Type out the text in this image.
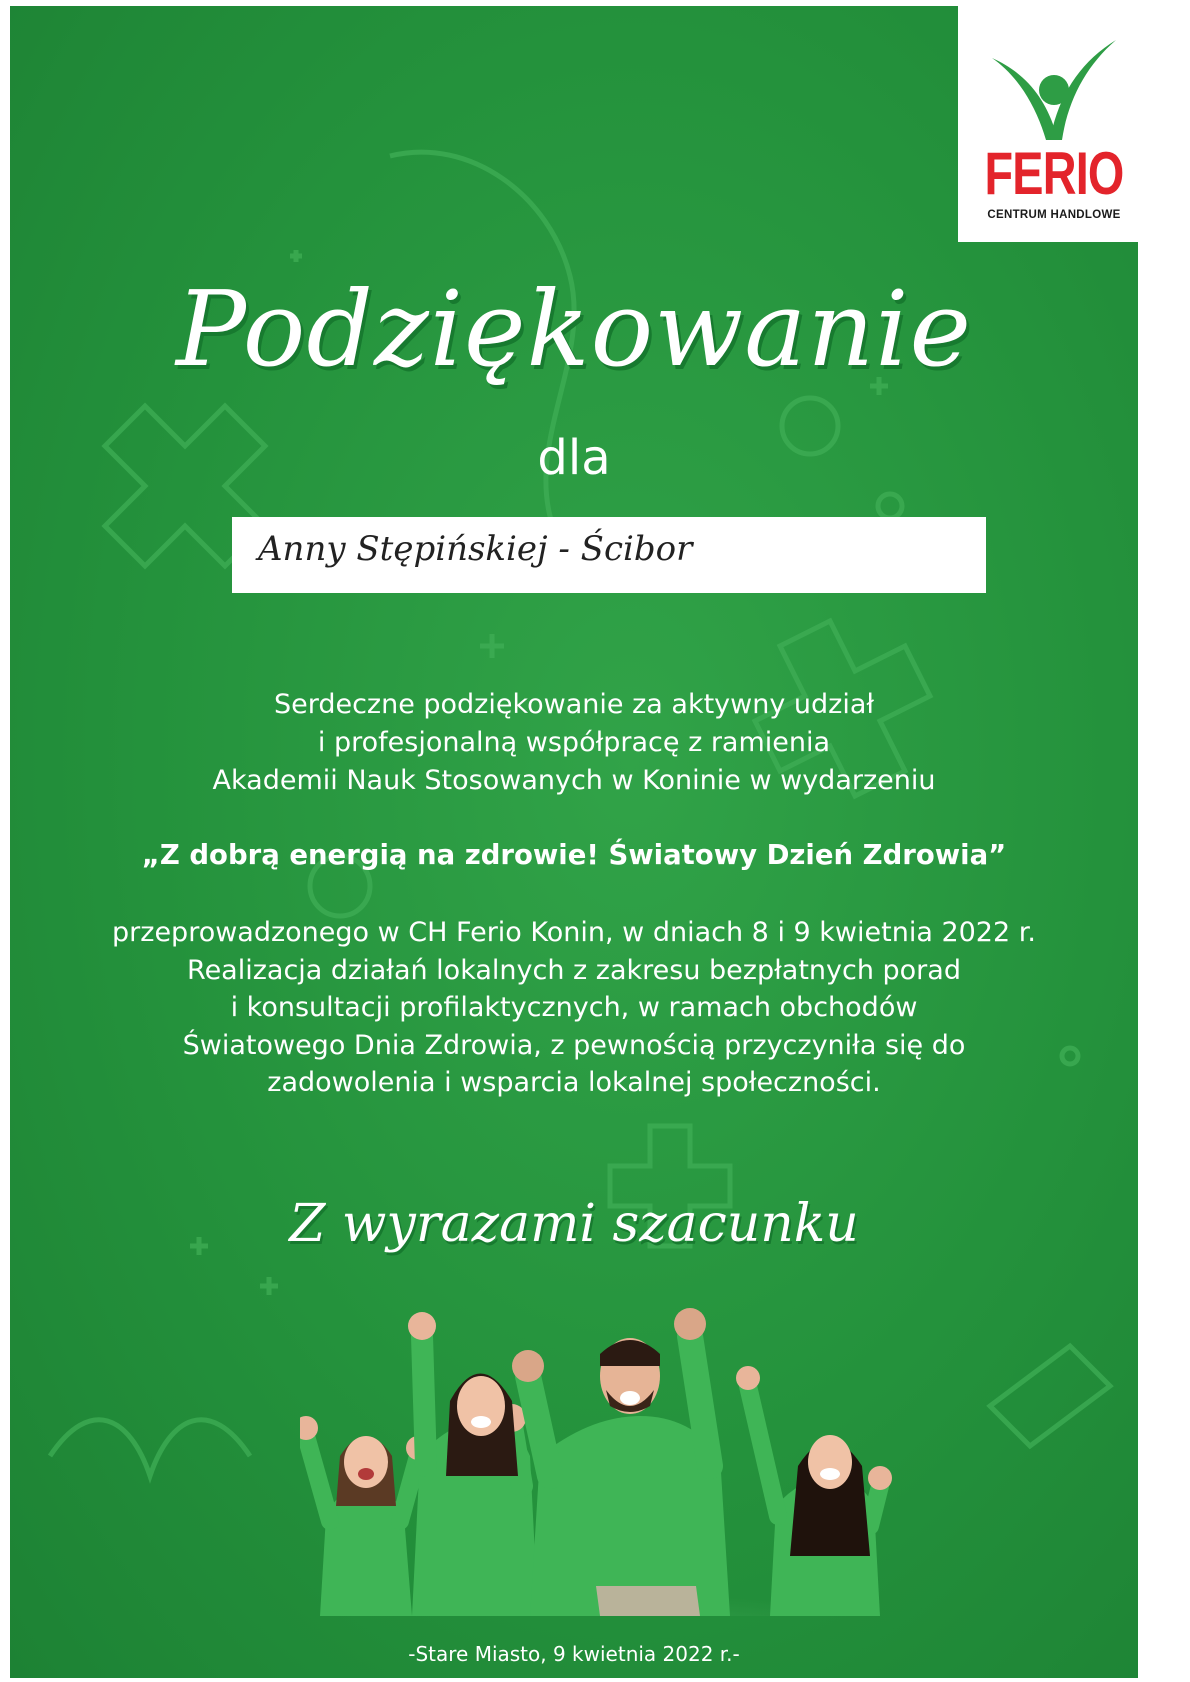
FERIO
CENTRUM HANDLOWE
Podziękowanie
dla
Anny Stępińskiej - Ścibor
Serdeczne podziękowanie za aktywny udział
i profesjonalną współpracę z ramienia
Akademii Nauk Stosowanych w Koninie w wydarzeniu
„Z dobrą energią na zdrowie! Światowy Dzień Zdrowia”
przeprowadzonego w CH Ferio Konin, w dniach 8 i 9 kwietnia 2022 r.
Realizacja działań lokalnych z zakresu bezpłatnych porad
i konsultacji profilaktycznych, w ramach obchodów
Światowego Dnia Zdrowia, z pewnością przyczyniła się do
zadowolenia i wsparcia lokalnej społeczności.
Z wyrazami szacunku
-Stare Miasto, 9 kwietnia 2022 r.-
